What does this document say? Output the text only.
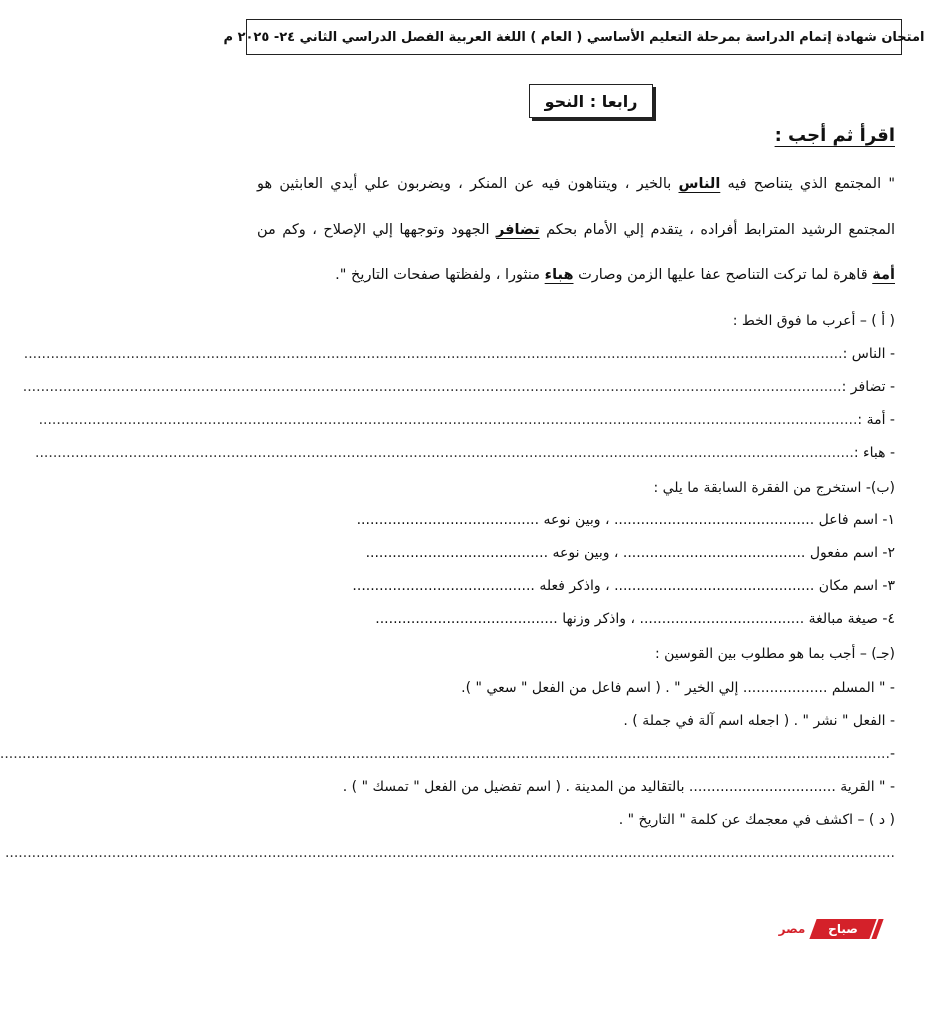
امتحان شهادة إتمام الدراسة بمرحلة التعليم الأساسي ( العام ) اللغة العربية الفصل الدراسي الثاني ٢٤- ٢٠٢٥ م
رابعا : النحو
اقرأ ثم أجب :
" المجتمع الذي يتناصح فيه الناس بالخير ، ويتناهون فيه عن المنكر ، ويضربون علي أيدي العابثين هو
المجتمع الرشيد المترابط أفراده ، يتقدم إلي الأمام بحكم تضافر الجهود وتوجهها إلي الإصلاح ، وكم من
أمة قاهرة لما تركت التناصح عفا عليها الزمن وصارت هباء منثورا ، ولفظتها صفحات التاريخ ".
( أ ) – أعرب ما فوق الخط :
- الناس :
........................................................................................................................................................................................
- تضافر :
........................................................................................................................................................................................
- أمة :
........................................................................................................................................................................................
- هباء :
........................................................................................................................................................................................
(ب)- استخرج من الفقرة السابقة ما يلي :
١- اسم فاعل ............................................. ، وبين نوعه .........................................
٢- اسم مفعول ......................................... ، وبين نوعه .........................................
٣- اسم مكان ............................................. ، واذكر فعله .........................................
٤- صيغة مبالغة ..................................... ، واذكر وزنها .........................................
(جـ) – أجب بما هو مطلوب بين القوسين :
- " المسلم ................... إلي الخير " . ( اسم فاعل من الفعل " سعي " ).
- الفعل " نشر " . ( اجعله اسم آلة في جملة ) .
-
........................................................................................................................................................................................................
- " القرية ................................. بالتقاليد من المدينة . ( اسم تفضيل من الفعل " تمسك " ) .
( د ) – اكشف في معجمك عن كلمة " التاريخ " .
........................................................................................................................................................................................................
مصر صباح
